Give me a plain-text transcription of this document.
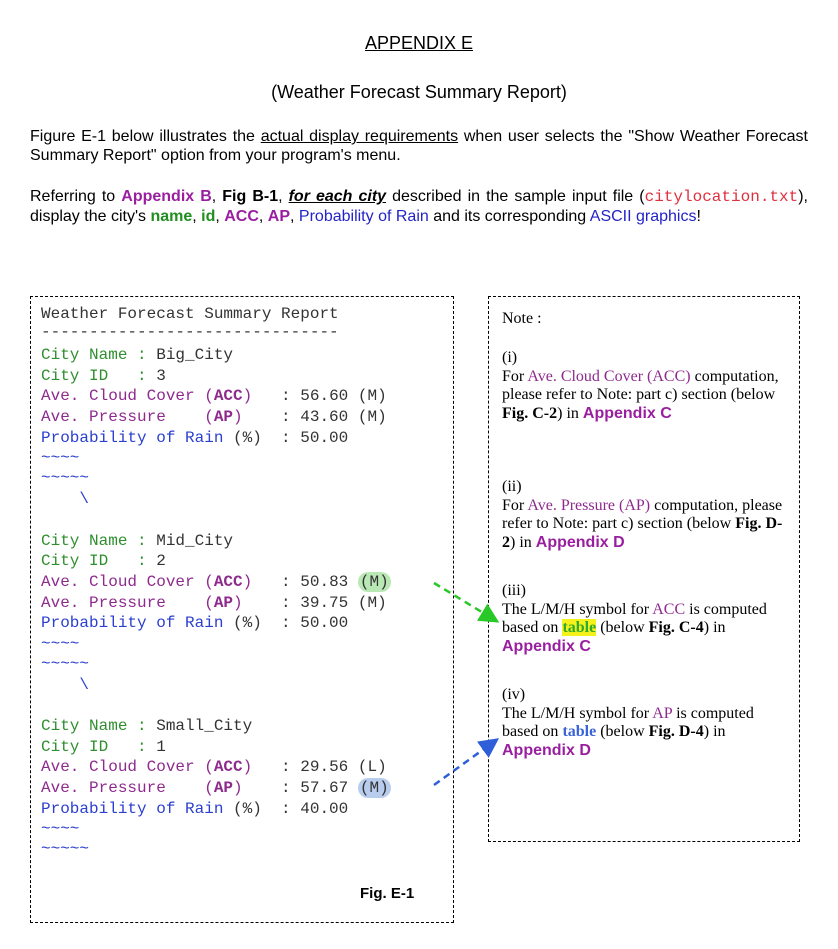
APPENDIX E
(Weather Forecast Summary Report)
Figure E-1 below illustrates the actual display requirements when user selects the "Show Weather Forecast Summary Report" option from your program's menu.
Referring to Appendix B, Fig B-1, for each city described in the sample input file (citylocation.txt), display the city's name, id, ACC, AP, Probability of Rain and its corresponding ASCII graphics!
Weather Forecast Summary Report
-------------------------------
City Name : Big_City
City ID   : 3
Ave. Cloud Cover (ACC)   : 56.60 (M)
Ave. Pressure    (AP)    : 43.60 (M)
Probability of Rain (%)  : 50.00
~~~~
~~~~~
\
City Name : Mid_City
City ID   : 2
Ave. Cloud Cover (ACC)   : 50.83 (M)
Ave. Pressure    (AP)    : 39.75 (M)
Probability of Rain (%)  : 50.00
~~~~
~~~~~
\
City Name : Small_City
City ID   : 1
Ave. Cloud Cover (ACC)   : 29.56 (L)
Ave. Pressure    (AP)    : 57.67 (M)
Probability of Rain (%)  : 40.00
~~~~
~~~~~
Fig. E-1
Note :
(i)
For Ave. Cloud Cover (ACC) computation, please refer to Note: part c) section (below Fig. C-2) in Appendix C
(ii)
For Ave. Pressure (AP) computation, please refer to Note: part c) section (below Fig. D-2) in Appendix D
(iii)
The L/M/H symbol for ACC is computed based on table (below Fig. C-4) in Appendix C
(iv)
The L/M/H symbol for AP is computed based on table (below Fig. D-4) in Appendix D
